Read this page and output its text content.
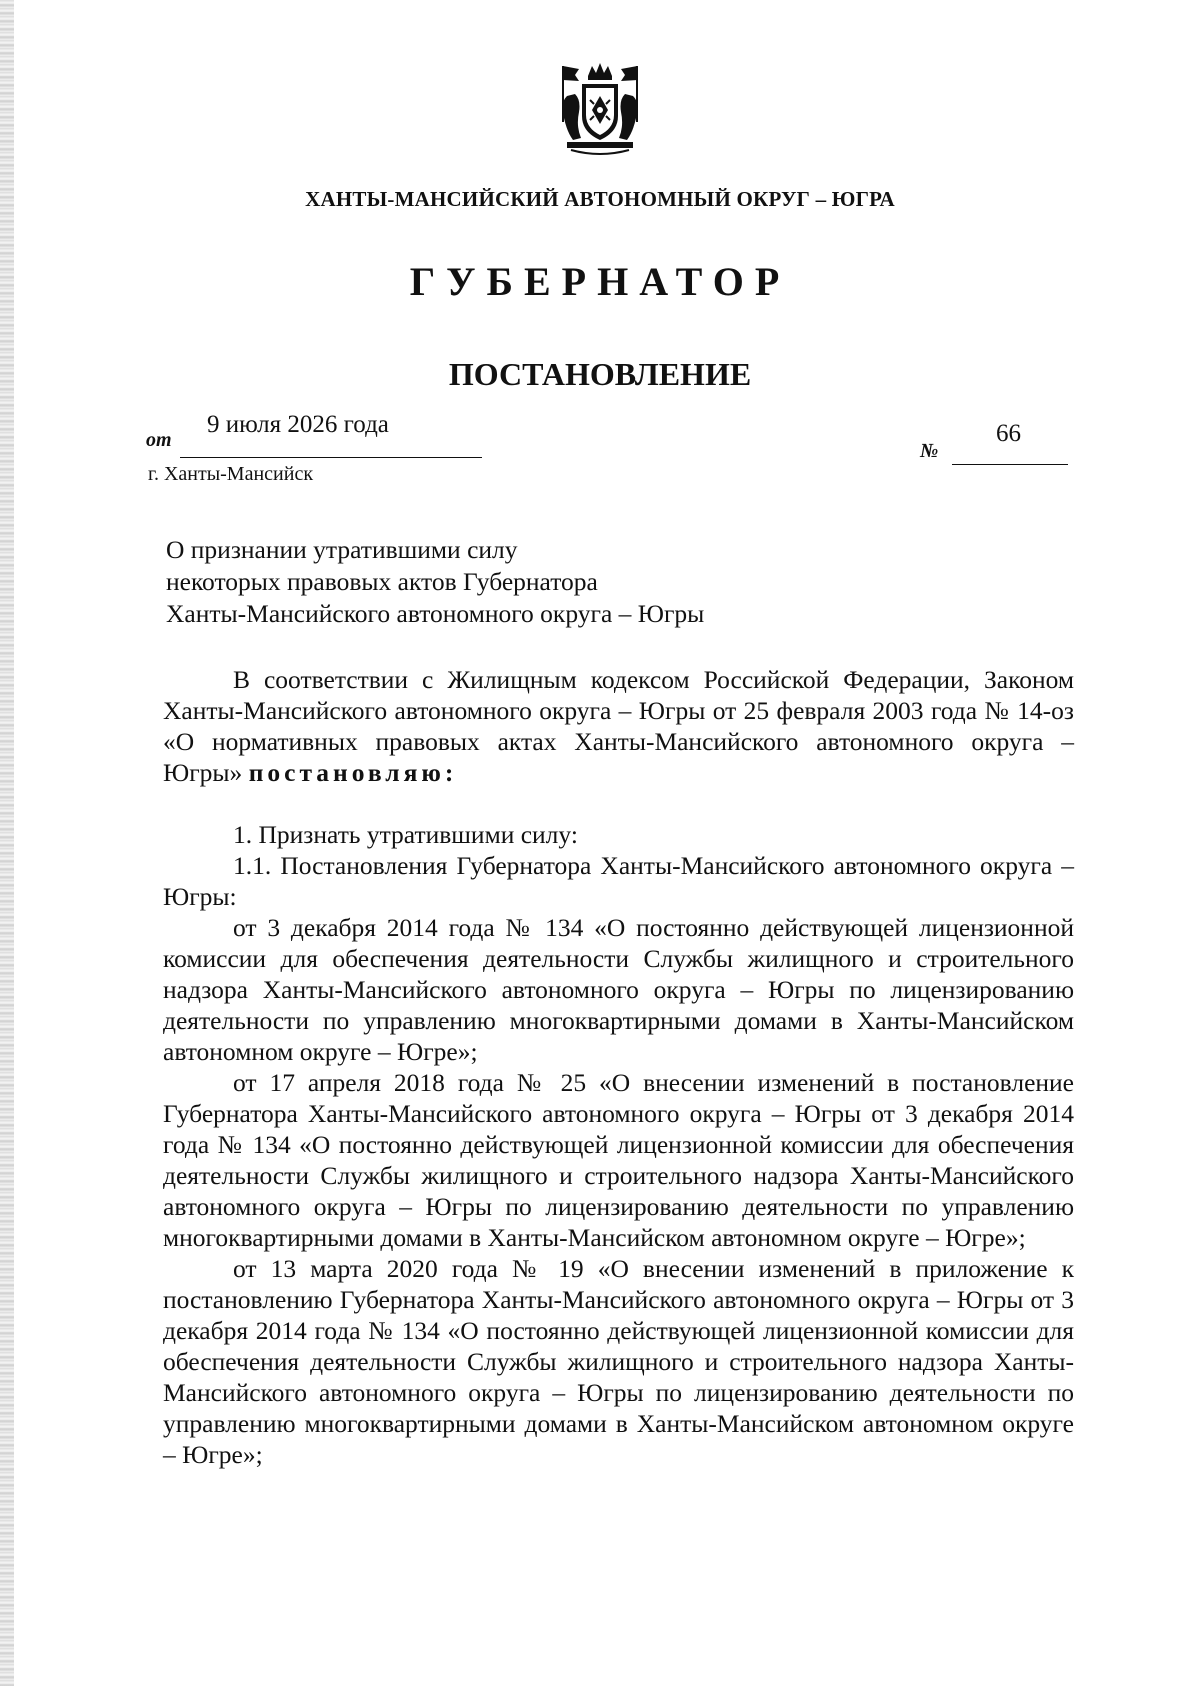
ХАНТЫ-МАНСИЙСКИЙ АВТОНОМНЫЙ ОКРУГ – ЮГРА
ГУБЕРНАТОР
ПОСТАНОВЛЕНИЕ
от
9 июля 2026 года
№
66
г. Ханты-Мансийск
О признании утратившими силу
некоторых правовых актов Губернатора
Ханты-Мансийского автономного округа – Югры

В соответствии с Жилищным кодексом Российской Федерации, Законом Ханты-Мансийского автономного округа – Югры от 25 февраля 2003 года № 14-оз «О нормативных правовых актах Ханты-Мансийского автономного округа – Югры» постановляю:

1. Признать утратившими силу:

1.1. Постановления Губернатора Ханты-Мансийского автономного округа – Югры:

от 3 декабря 2014 года № 134 «О постоянно действующей лицензионной комиссии для обеспечения деятельности Службы жилищного и строительного надзора Ханты-Мансийского автономного округа – Югры по лицензированию деятельности по управлению многоквартирными домами в Ханты-Мансийском автономном округе – Югре»;

от 17 апреля 2018 года № 25 «О внесении изменений в постановление Губернатора Ханты-Мансийского автономного округа – Югры от 3 декабря 2014 года № 134 «О постоянно действующей лицензионной комиссии для обеспечения деятельности Службы жилищного и строительного надзора Ханты-Мансийского автономного округа – Югры по лицензированию деятельности по управлению многоквартирными домами в Ханты-Мансийском автономном округе – Югре»;

от 13 марта 2020 года № 19 «О внесении изменений в приложение к постановлению Губернатора Ханты-Мансийского автономного округа – Югры от 3 декабря 2014 года № 134 «О постоянно действующей лицензионной комиссии для обеспечения деятельности Службы жилищного и строительного надзора Ханты-Мансийского автономного округа – Югры по лицензированию деятельности по управлению многоквартирными домами в Ханты-Мансийском автономном округе – Югре»;
